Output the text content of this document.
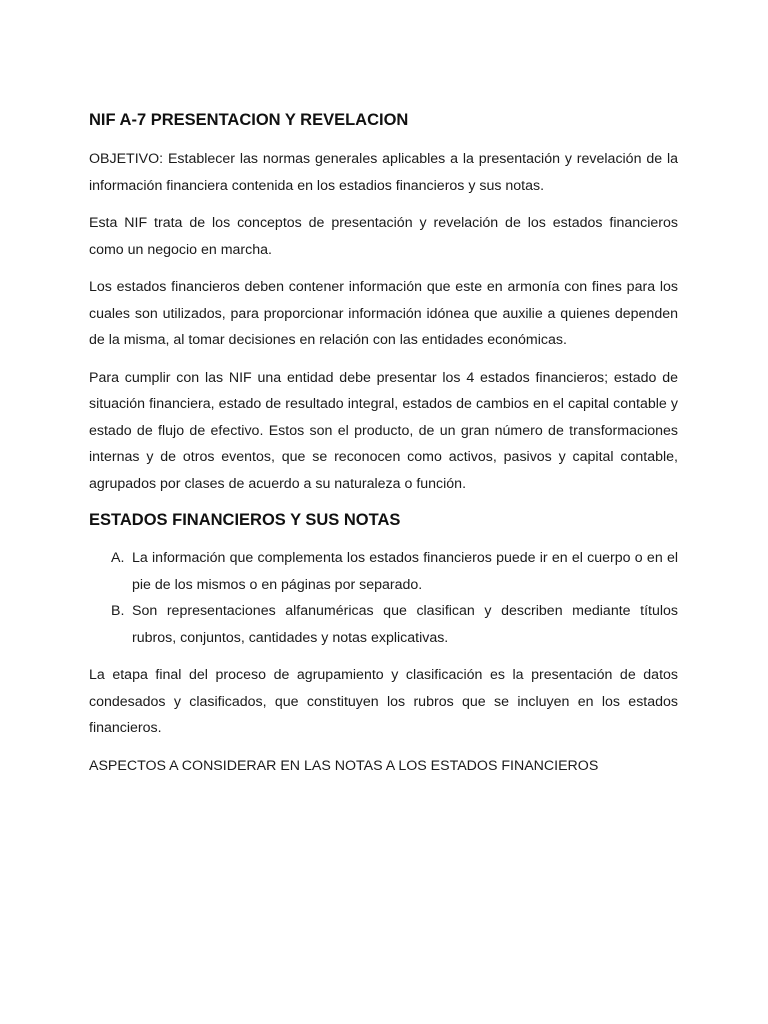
NIF A-7 PRESENTACION Y REVELACION

OBJETIVO: Establecer las normas generales aplicables a la presentación y revelación de la información financiera contenida en los estadios financieros y sus notas.

Esta NIF trata de los conceptos de presentación y revelación de los estados financieros como un negocio en marcha.

Los estados financieros deben contener información que este en armonía con fines para los cuales son utilizados, para proporcionar información idónea que auxilie a quienes dependen de la misma, al tomar decisiones en relación con las entidades económicas.

Para cumplir con las NIF una entidad debe presentar los 4 estados financieros; estado de situación financiera, estado de resultado integral, estados de cambios en el capital contable y estado de flujo de efectivo. Estos son el producto, de un gran número de transformaciones internas y de otros eventos, que se reconocen como activos, pasivos y capital contable, agrupados por clases de acuerdo a su naturaleza o función.

ESTADOS FINANCIEROS Y SUS NOTAS
A. La información que complementa los estados financieros puede ir en el cuerpo o en el pie de los mismos o en páginas por separado.
B. Son representaciones alfanuméricas que clasifican y describen mediante títulos rubros, conjuntos, cantidades y notas explicativas.

La etapa final del proceso de agrupamiento y clasificación es la presentación de datos condesados y clasificados, que constituyen los rubros que se incluyen en los estados financieros.

ASPECTOS A CONSIDERAR EN LAS NOTAS A LOS ESTADOS FINANCIEROS
